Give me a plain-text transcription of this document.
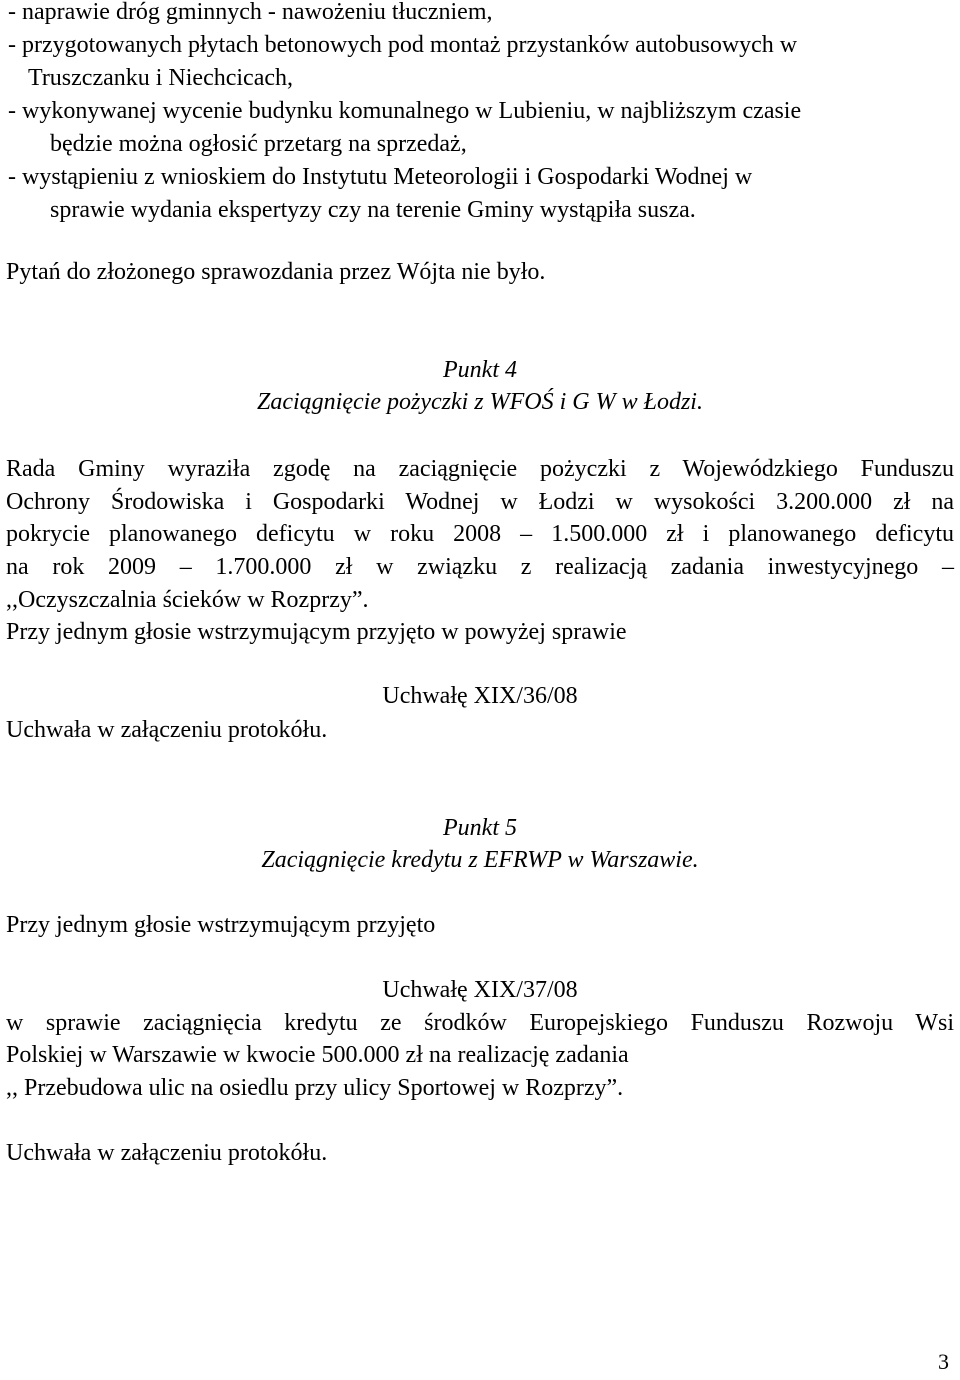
- naprawie dróg gminnych - nawożeniu tłuczniem,
- przygotowanych płytach betonowych pod montaż przystanków autobusowych w
Truszczanku i Niechcicach,
- wykonywanej wycenie budynku komunalnego w Lubieniu, w najbliższym czasie
będzie można ogłosić przetarg na sprzedaż,
- wystąpieniu z wnioskiem do Instytutu Meteorologii i Gospodarki Wodnej w
sprawie wydania ekspertyzy czy na terenie Gminy wystąpiła susza.
Pytań do złożonego sprawozdania przez Wójta nie było.
Punkt 4
Zaciągnięcie pożyczki z WFOŚ i G W w Łodzi.
Rada Gminy wyraziła zgodę na zaciągnięcie pożyczki z Wojewódzkiego Funduszu
Ochrony Środowiska i Gospodarki Wodnej w Łodzi w wysokości 3.200.000 zł na
pokrycie planowanego deficytu w roku 2008 – 1.500.000 zł i planowanego deficytu
na rok 2009 – 1.700.000 zł w związku z realizacją zadania inwestycyjnego –
,,Oczyszczalnia ścieków w Rozprzy”.
Przy jednym głosie wstrzymującym przyjęto w powyżej sprawie
Uchwałę XIX/36/08
Uchwała w załączeniu protokółu.
Punkt 5
Zaciągnięcie kredytu z EFRWP w Warszawie.
Przy jednym głosie wstrzymującym przyjęto
Uchwałę XIX/37/08
w sprawie zaciągnięcia kredytu ze środków Europejskiego Funduszu Rozwoju Wsi
Polskiej w Warszawie w kwocie 500.000 zł na realizację zadania
,, Przebudowa ulic na osiedlu przy ulicy Sportowej w Rozprzy”.
Uchwała w załączeniu protokółu.
3
